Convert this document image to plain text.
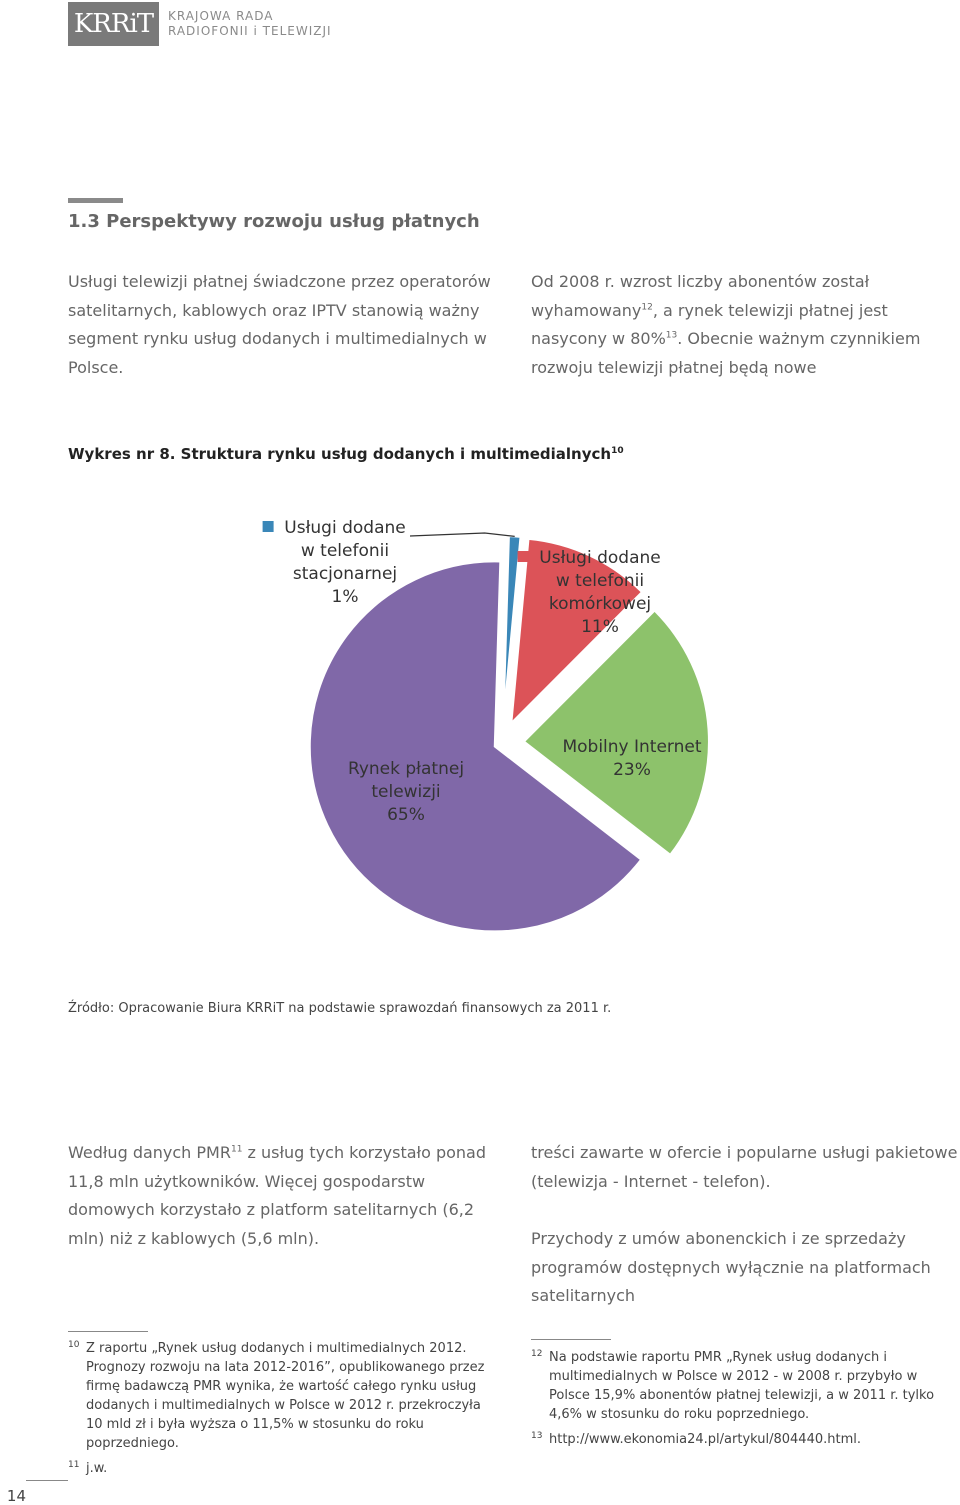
KRRiT	KRAJOWA RADA
RADIOFONII i TELEWIZJI
1.3 Perspektywy rozwoju usług płatnych
Usługi telewizji płatnej świadczone przez operatorów satelitarnych, kablowych oraz IPTV stanowią ważny segment rynku usług dodanych i multimedialnych w Polsce.
Od 2008 r. wzrost liczby abonentów został wyhamowany$^{12}$, a rynek telewizji płatnej jest nasycony w 80%$^{13}$. Obecnie ważnym czynnikiem rozwoju telewizji płatnej będą nowe
Wykres nr 8. Struktura rynku usług dodanych i multimedialnych$^{10}$
Usługi dodane
w telefonii
stacjonarnej
1%
Usługi dodane
w telefonii
komórkowej
11%
Mobilny Internet
23%
Rynek płatnej
telewizji
65%
Źródło: Opracowanie Biura KRRiT na podstawie sprawozdań finansowych za 2011 r.
Według danych PMR$^{11}$ z usług tych korzystało ponad 11,8 mln użytkowników. Więcej gospodarstw domowych korzystało z platform satelitarnych (6,2 mln) niż z kablowych (5,6 mln).
treści zawarte w ofercie i popularne usługi pakietowe (telewizja - Internet - telefon).
Przychody z umów abonenckich i ze sprzedaży programów dostępnych wyłącznie na platformach satelitarnych
10 Z raportu „Rynek usług dodanych i multimedialnych 2012. Prognozy rozwoju na lata 2012-2016”, opublikowanego przez firmę badawczą PMR wynika, że wartość całego rynku usług dodanych i multimedialnych w Polsce w 2012 r. przekroczyła 10 mld zł i była wyższa o 11,5% w stosunku do roku poprzedniego.
11 j.w.
12 Na podstawie raportu PMR „Rynek usług dodanych i multimedialnych w Polsce w 2012 - w 2008 r. przybyło w Polsce 15,9% abonentów płatnej telewizji, a w 2011 r. tylko 4,6% w stosunku do roku poprzedniego.
13 http://www.ekonomia24.pl/artykul/804440.html.
14
